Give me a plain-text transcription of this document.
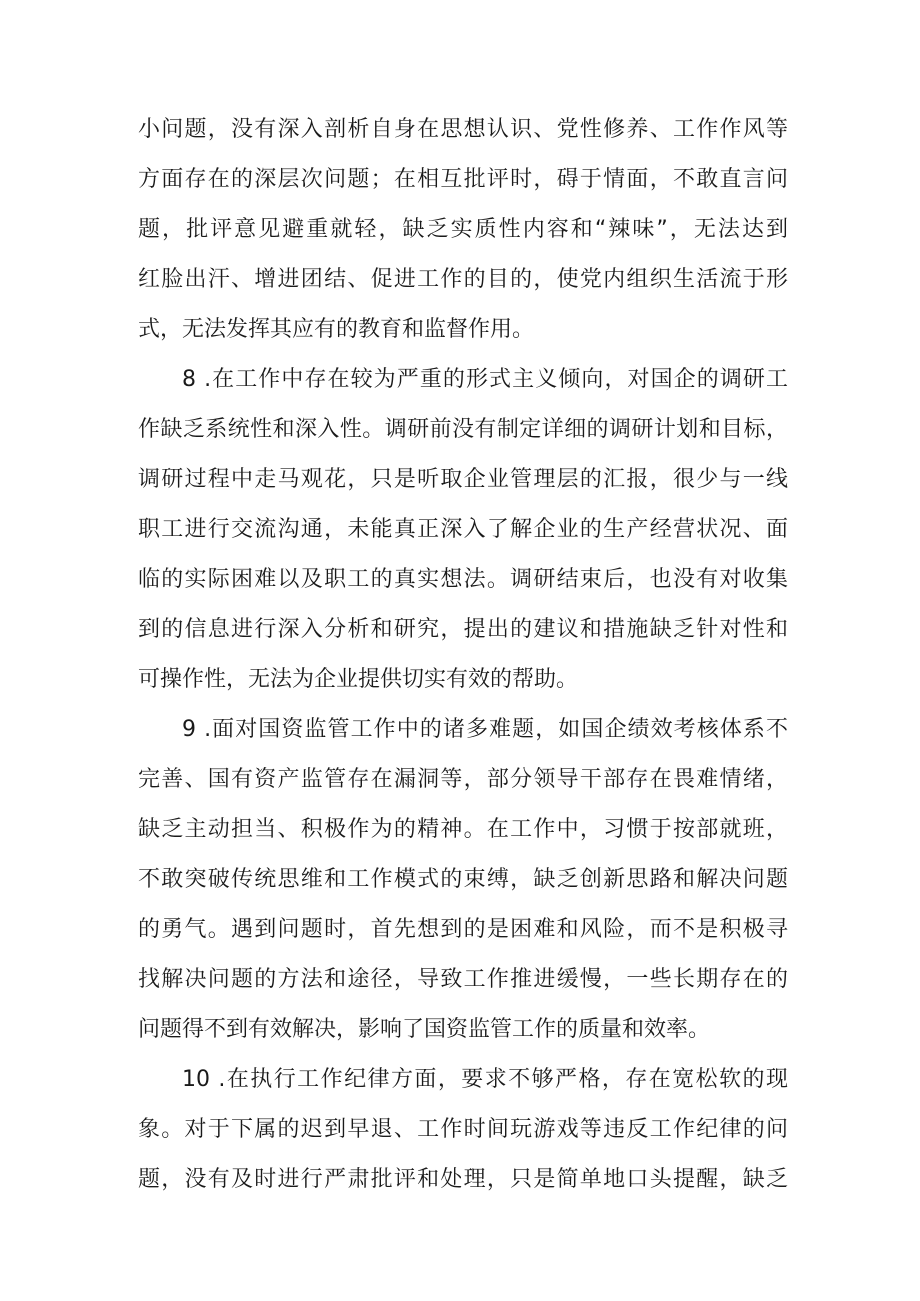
小问题，没有深入剖析自身在思想认识、党性修养、工作作风等
方面存在的深层次问题；在相互批评时，碍于情面，不敢直言问
题，批评意见避重就轻，缺乏实质性内容和“辣味”，无法达到
红脸出汗、增进团结、促进工作的目的，使党内组织生活流于形
式，无法发挥其应有的教育和监督作用。
8 .在工作中存在较为严重的形式主义倾向，对国企的调研工
作缺乏系统性和深入性。调研前没有制定详细的调研计划和目标，
调研过程中走马观花，只是听取企业管理层的汇报，很少与一线
职工进行交流沟通，未能真正深入了解企业的生产经营状况、面
临的实际困难以及职工的真实想法。调研结束后，也没有对收集
到的信息进行深入分析和研究，提出的建议和措施缺乏针对性和
可操作性，无法为企业提供切实有效的帮助。
9 .面对国资监管工作中的诸多难题，如国企绩效考核体系不
完善、国有资产监管存在漏洞等，部分领导干部存在畏难情绪，
缺乏主动担当、积极作为的精神。在工作中，习惯于按部就班，
不敢突破传统思维和工作模式的束缚，缺乏创新思路和解决问题
的勇气。遇到问题时，首先想到的是困难和风险，而不是积极寻
找解决问题的方法和途径，导致工作推进缓慢，一些长期存在的
问题得不到有效解决，影响了国资监管工作的质量和效率。
10 .在执行工作纪律方面，要求不够严格，存在宽松软的现
象。对于下属的迟到早退、工作时间玩游戏等违反工作纪律的问
题，没有及时进行严肃批评和处理，只是简单地口头提醒，缺乏
